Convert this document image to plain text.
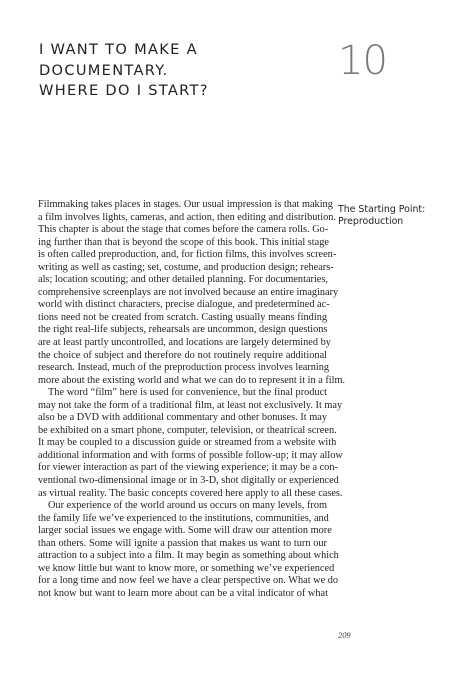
I WANT TO MAKE A
DOCUMENTARY.
WHERE DO I START?
10
Filmmaking takes places in stages. Our usual impression is that making
a film involves lights, cameras, and action, then editing and distribution.
This chapter is about the stage that comes before the camera rolls. Go-
ing further than that is beyond the scope of this book. This initial stage
is often called preproduction, and, for fiction films, this involves screen-
writing as well as casting; set, costume, and production design; rehears-
als; location scouting; and other detailed planning. For documentaries,
comprehensive screenplays are not involved because an entire imaginary
world with distinct characters, precise dialogue, and predetermined ac-
tions need not be created from scratch. Casting usually means finding
the right real-life subjects, rehearsals are uncommon, design questions
are at least partly uncontrolled, and locations are largely determined by
the choice of subject and therefore do not routinely require additional
research. Instead, much of the preproduction process involves learning
more about the existing world and what we can do to represent it in a film.
The word “film” here is used for convenience, but the final product
may not take the form of a traditional film, at least not exclusively. It may
also be a DVD with additional commentary and other bonuses. It may
be exhibited on a smart phone, computer, television, or theatrical screen.
It may be coupled to a discussion guide or streamed from a website with
additional information and with forms of possible follow-up; it may allow
for viewer interaction as part of the viewing experience; it may be a con-
ventional two-dimensional image or in 3-D, shot digitally or experienced
as virtual reality. The basic concepts covered here apply to all these cases.
Our experience of the world around us occurs on many levels, from
the family life we’ve experienced to the institutions, communities, and
larger social issues we engage with. Some will draw our attention more
than others. Some will ignite a passion that makes us want to turn our
attraction to a subject into a film. It may begin as something about which
we know little but want to know more, or something we’ve experienced
for a long time and now feel we have a clear perspective on. What we do
not know but want to learn more about can be a vital indicator of what
The Starting Point:
Preproduction
209
